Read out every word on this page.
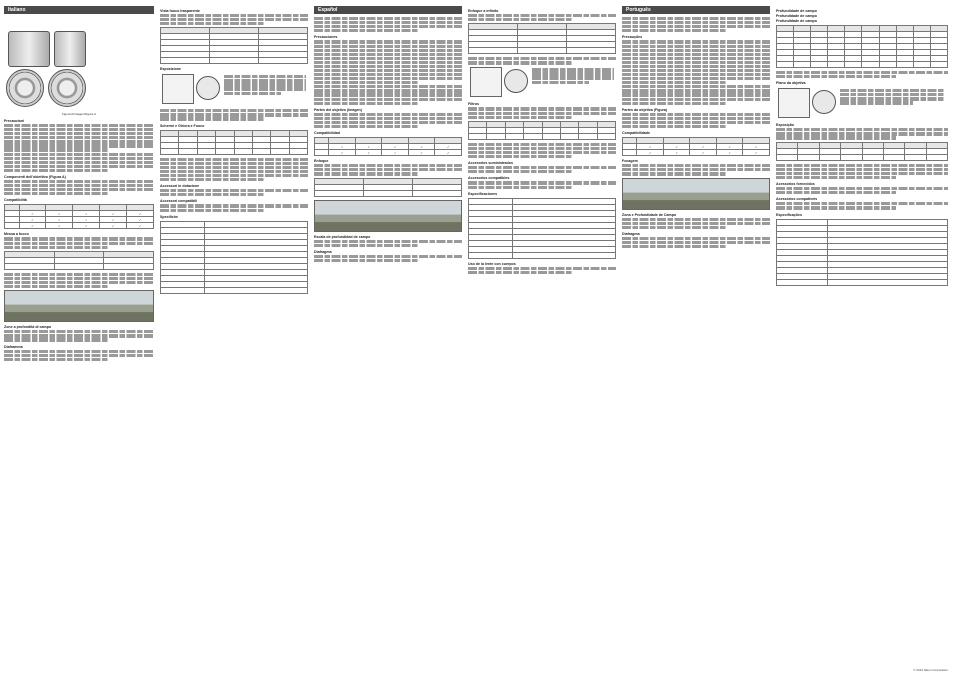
Italiano
Figura A/Imagen/Figura A
Precauzioni
Componenti dell'obiettivo (Figura A)
Compatibilità

	✓	✓	✓	✓	✓
	✓	✓	✓	✓	✓
	✓	✓	✓	✓	✓
Messa a fuoco

Zone a profondità di campo
Diaframma
Vista fuoco trasparente

Esposizione
Schermi e Ghiera e Fuoco

Accessori in dotazione
Accessori compatibili
Specifiche

Español
Precauciones
Partes del objetivo (Imagen)
Compatibilidad

	✓	✓	✓	✓	✓
	✓	✓	✓	✓	✓
Enfoque

Escala de profundidad de campo
Diafragma
Enfoque a infinito

Filtros

Accesorios suministrados
Accesorios compatibles
Especificaciones

Uso de la lente con cuerpos
Português
Precauções
Partes da objetiva (Figura)
Compatibilidade

	✓	✓	✓	✓	✓
	✓	✓	✓	✓	✓
Focagem
Zona e Profundidade de Campo
Diafragma
Profundidade de campo
Profundidade de campo
Profundidade de campo

Plano da objetiva
Exposição

Acessórios fornecidos
Acessórios compatíveis
Especificações

© 2019 Nikon Corporation
